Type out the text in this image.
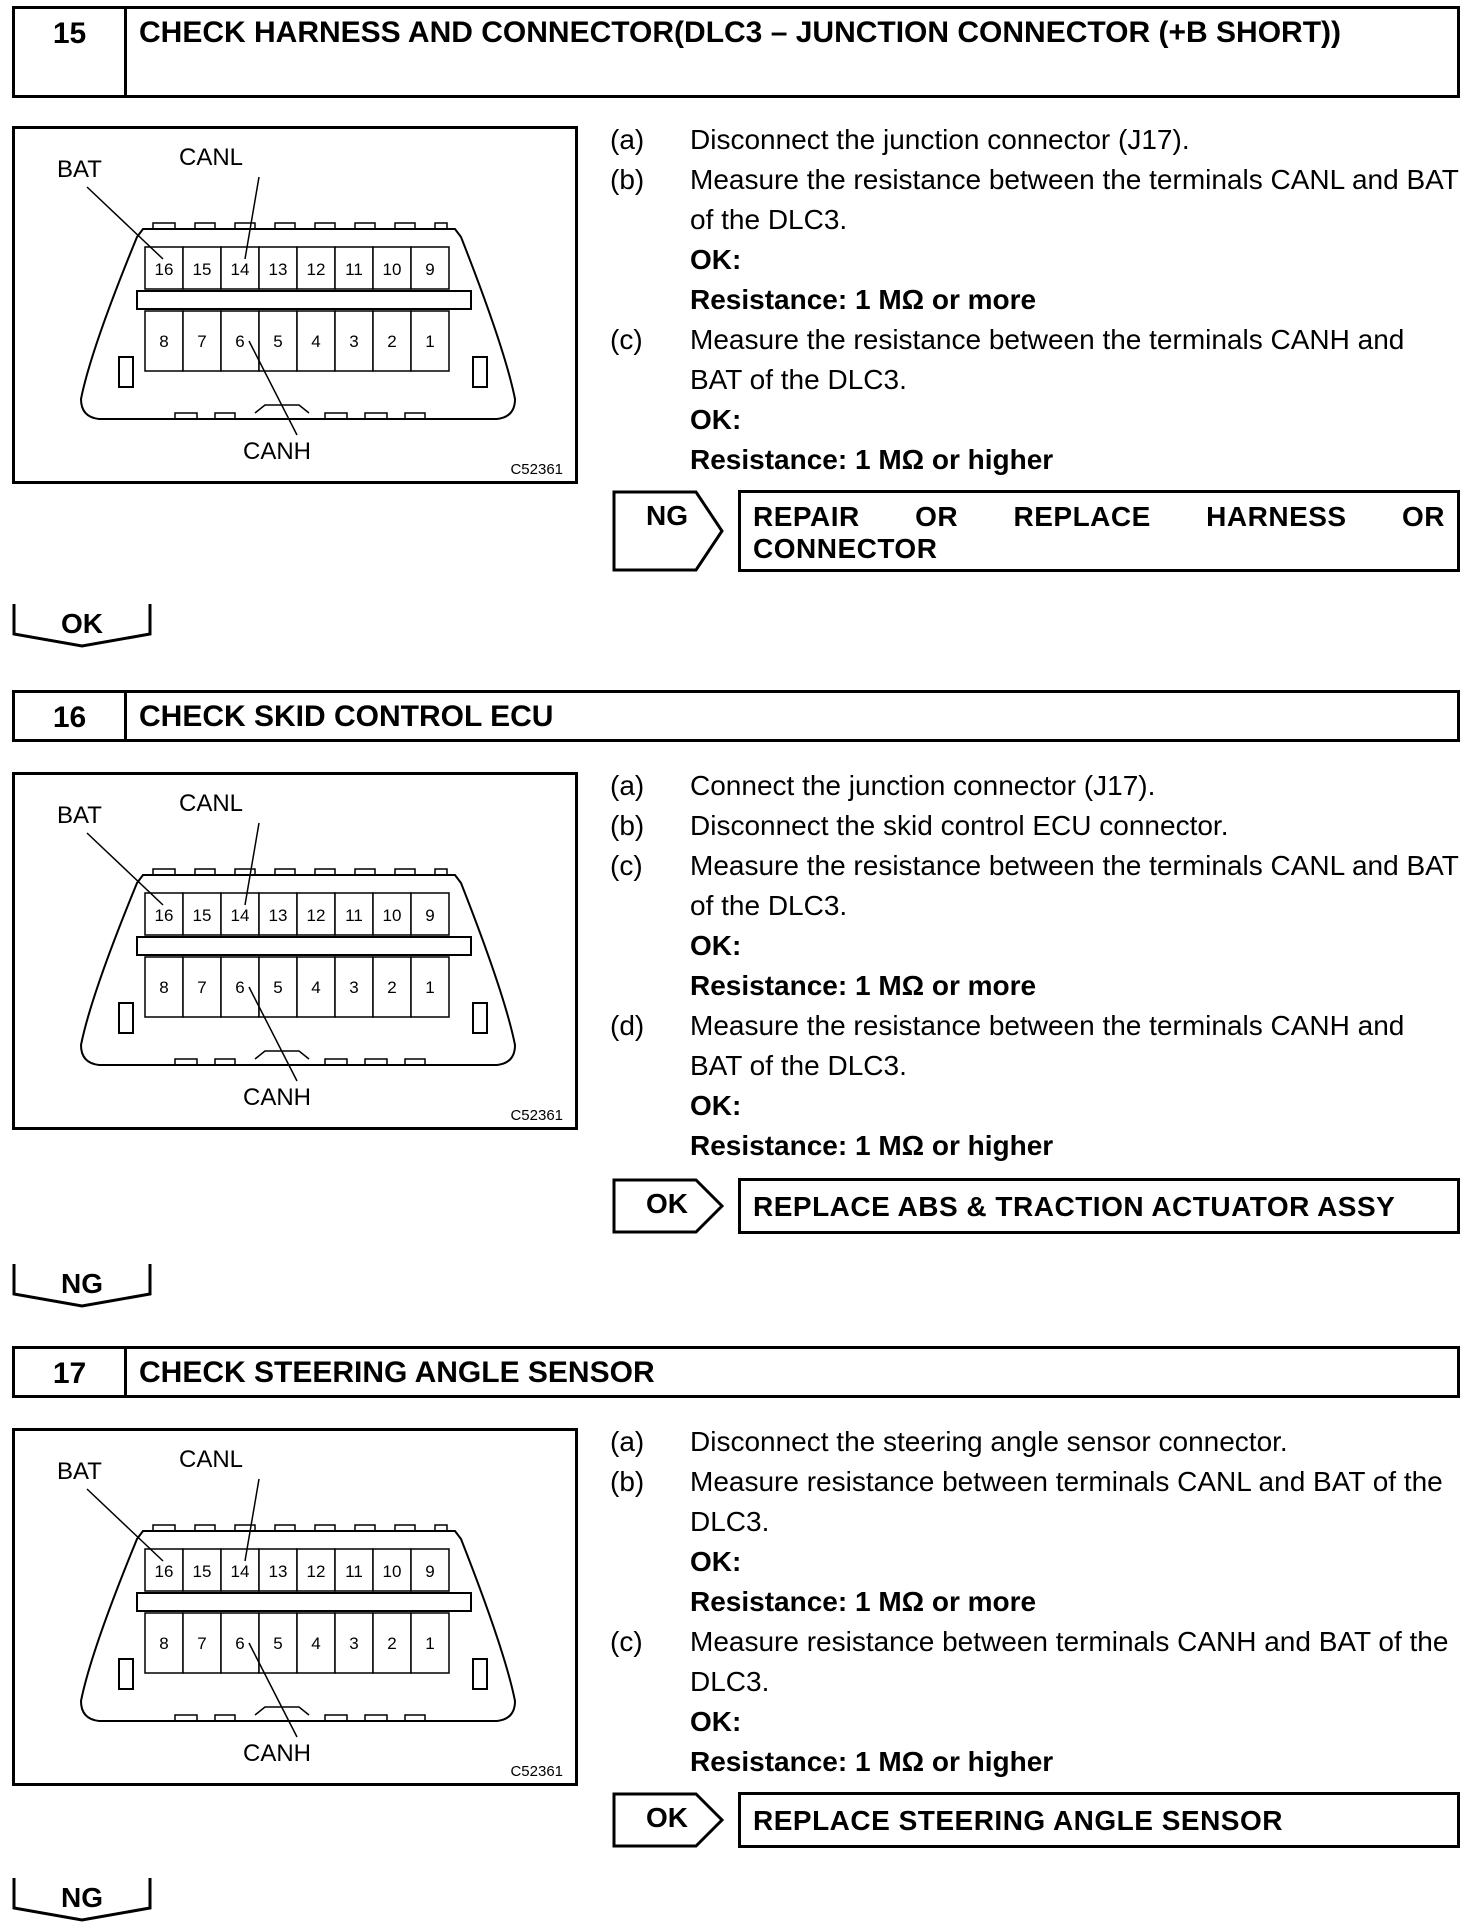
15	CHECK HARNESS AND CONNECTOR(DLC3 – JUNCTION CONNECTOR (+B SHORT))
16 15 14 13 12 11 10 9
8 7 6 5 4 3 2 1
BAT	CANL
CANH
C52361
(a)	Disconnect the junction connector (J17).
(b)	Measure the resistance between the terminals CANL and BAT of the DLC3.
OK:
Resistance: 1 MΩ or more
(c)	Measure the resistance between the terminals CANH and BAT of the DLC3.
OK:
Resistance: 1 MΩ or higher
NG	REPAIR OR REPLACE HARNESS OR CONNECTOR
OK
16	CHECK SKID CONTROL ECU
16 15 14 13 12 11 10 9
8 7 6 5 4 3 2 1
BAT	CANL
CANH
C52361
(a)	Connect the junction connector (J17).
(b)	Disconnect the skid control ECU connector.
(c)	Measure the resistance between the terminals CANL and BAT of the DLC3.
OK:
Resistance: 1 MΩ or more
(d)	Measure the resistance between the terminals CANH and BAT of the DLC3.
OK:
Resistance: 1 MΩ or higher
OK	REPLACE ABS & TRACTION ACTUATOR ASSY
NG
17	CHECK STEERING ANGLE SENSOR
16 15 14 13 12 11 10 9
8 7 6 5 4 3 2 1
BAT	CANL
CANH
C52361
(a)	Disconnect the steering angle sensor connector.
(b)	Measure resistance between terminals CANL and BAT of the DLC3.
OK:
Resistance: 1 MΩ or more
(c)	Measure resistance between terminals CANH and BAT of the DLC3.
OK:
Resistance: 1 MΩ or higher
OK	REPLACE STEERING ANGLE SENSOR
NG
